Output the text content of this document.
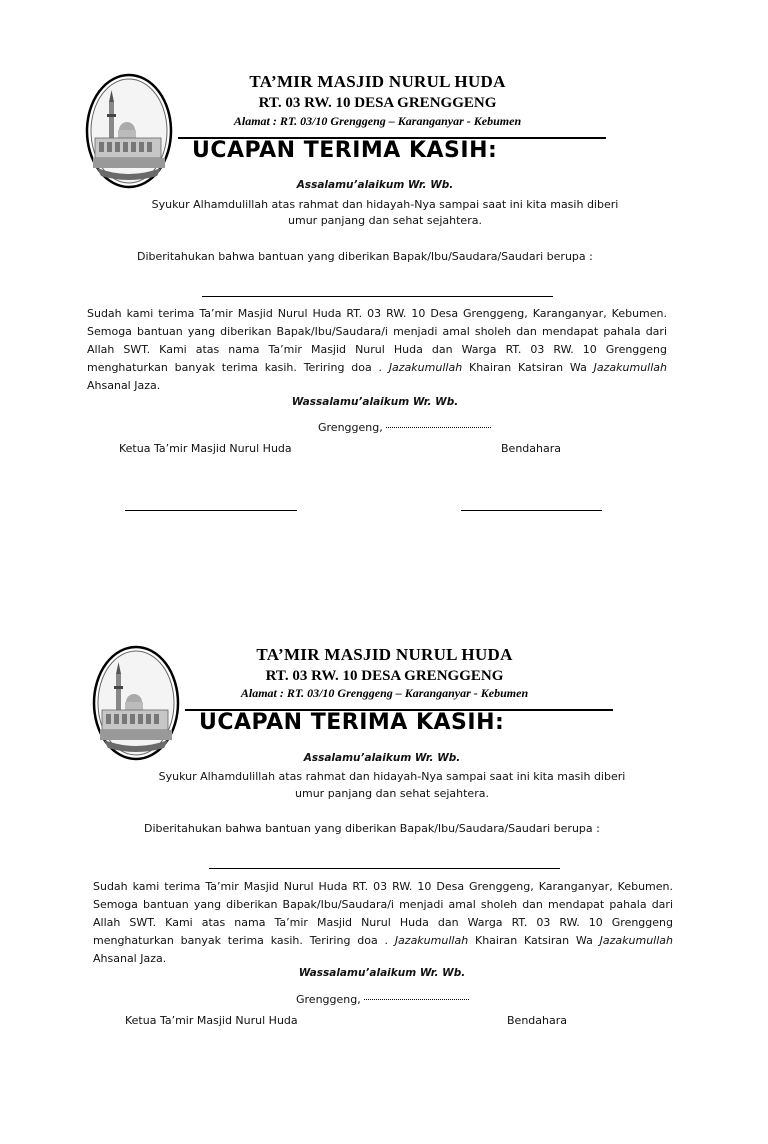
TA’MIR MASJID NURUL HUDA
RT. 03 RW. 10 DESA GRENGGENG
Alamat : RT. 03/10 Grenggeng – Karanganyar - Kebumen
UCAPAN TERIMA KASIH:
Assalamu’alaikum Wr. Wb.
Syukur Alhamdulillah atas rahmat dan hidayah-Nya sampai saat ini kita masih diberi
umur panjang dan sehat sejahtera.
Diberitahukan bahwa bantuan yang diberikan Bapak/Ibu/Saudara/Saudari berupa :
Sudah kami terima Ta’mir Masjid Nurul Huda RT. 03 RW. 10 Desa Grenggeng, Karanganyar, Kebumen. Semoga bantuan yang diberikan Bapak/Ibu/Saudara/i menjadi amal sholeh dan mendapat pahala dari Allah SWT. Kami atas nama Ta’mir Masjid Nurul Huda dan Warga RT. 03 RW. 10 Grenggeng menghaturkan banyak terima kasih. Teriring doa . Jazakumullah Khairan Katsiran Wa Jazakumullah Ahsanal Jaza.
Wassalamu’alaikum Wr. Wb.
Grenggeng,
Ketua Ta’mir Masjid Nurul Huda	Bendahara
TA’MIR MASJID NURUL HUDA
RT. 03 RW. 10 DESA GRENGGENG
Alamat : RT. 03/10 Grenggeng – Karanganyar - Kebumen
UCAPAN TERIMA KASIH:
Assalamu’alaikum Wr. Wb.
Syukur Alhamdulillah atas rahmat dan hidayah-Nya sampai saat ini kita masih diberi
umur panjang dan sehat sejahtera.
Diberitahukan bahwa bantuan yang diberikan Bapak/Ibu/Saudara/Saudari berupa :
Sudah kami terima Ta’mir Masjid Nurul Huda RT. 03 RW. 10 Desa Grenggeng, Karanganyar, Kebumen. Semoga bantuan yang diberikan Bapak/Ibu/Saudara/i menjadi amal sholeh dan mendapat pahala dari Allah SWT. Kami atas nama Ta’mir Masjid Nurul Huda dan Warga RT. 03 RW. 10 Grenggeng menghaturkan banyak terima kasih. Teriring doa . Jazakumullah Khairan Katsiran Wa Jazakumullah Ahsanal Jaza.
Wassalamu’alaikum Wr. Wb.
Grenggeng,
Ketua Ta’mir Masjid Nurul Huda	Bendahara
